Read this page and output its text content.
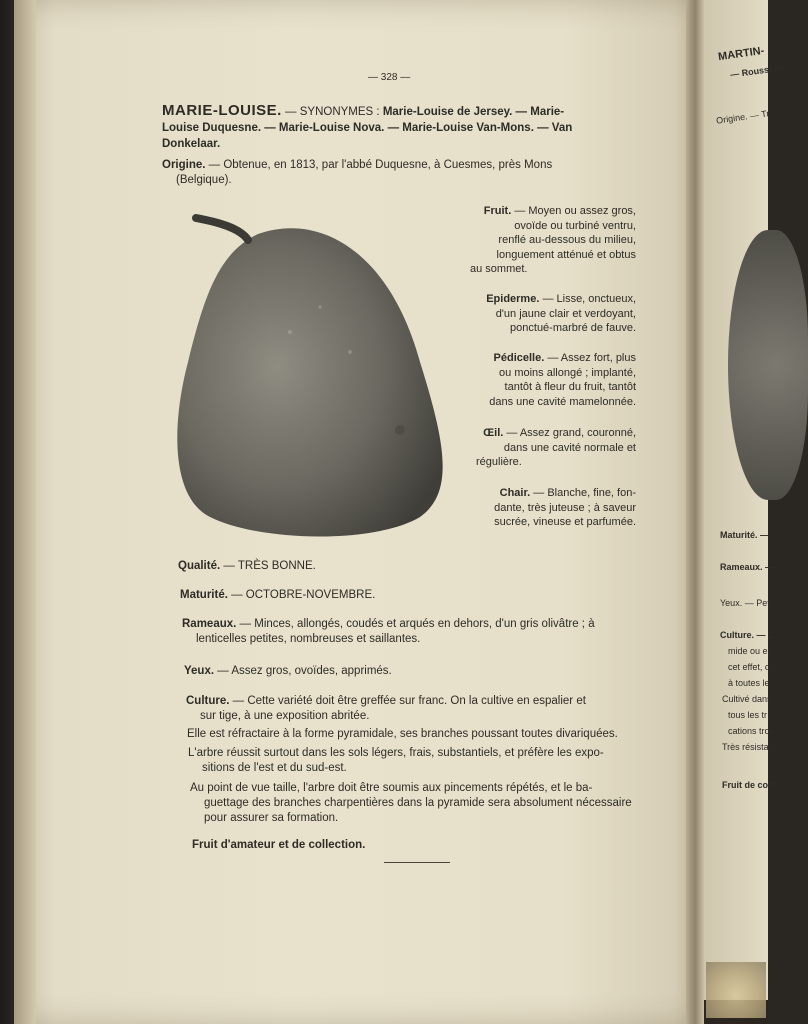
— 328 —
MARIE-LOUISE. — SYNONYMES : Marie-Louise de Jersey. — Marie-
Louise Duquesne. — Marie-Louise Nova. — Marie-Louise Van-Mons. — Van
Donkelaar.
Origine. — Obtenue, en 1813, par l'abbé Duquesne, à Cuesmes, près Mons
(Belgique).
Fruit. — Moyen ou assez gros,
ovoïde ou turbiné ventru,
renflé au-dessous du milieu,
longuement atténué et obtus

au sommet.
Epiderme. — Lisse, onctueux,
d'un jaune clair et verdoyant,
ponctué-marbré de fauve.
Pédicelle. — Assez fort, plus
ou moins allongé ; implanté,
tantôt à fleur du fruit, tantôt
dans une cavité mamelonnée.
Œil. — Assez grand, couronné,
dans une cavité normale et

régulière.
Chair. — Blanche, fine, fon-
dante, très juteuse ; à saveur
sucrée, vineuse et parfumée.
Qualité. — TRÈS BONNE.
Maturité. — OCTOBRE-NOVEMBRE.
Rameaux. — Minces, allongés, coudés et arqués en dehors, d'un gris olivâtre ; à

lenticelles petites, nombreuses et saillantes.
Yeux. — Assez gros, ovoïdes, apprimés.
Culture. — Cette variété doit être greffée sur franc. On la cultive en espalier et

sur tige, à une exposition abritée.
Elle est réfractaire à la forme pyramidale, ses branches poussant toutes divariquées.
L'arbre réussit surtout dans les sols légers, frais, substantiels, et préfère les expo-

sitions de l'est et du sud-est.
Au point de vue taille, l'arbre doit être soumis aux pincements répétés, et le ba-

guettage des branches charpentières dans la pyramide sera absolument nécessaire
pour assurer sa formation.
Fruit d'amateur et de collection.
MARTIN-
— Rousselet
Origine. — Tr
Maturité. —
Rameaux. —
Yeux. — Peti
Culture. — L
mide ou en
cet effet, o
à toutes le
Cultivé dans
tous les tr
cations trop
Très résistan
Fruit de com
